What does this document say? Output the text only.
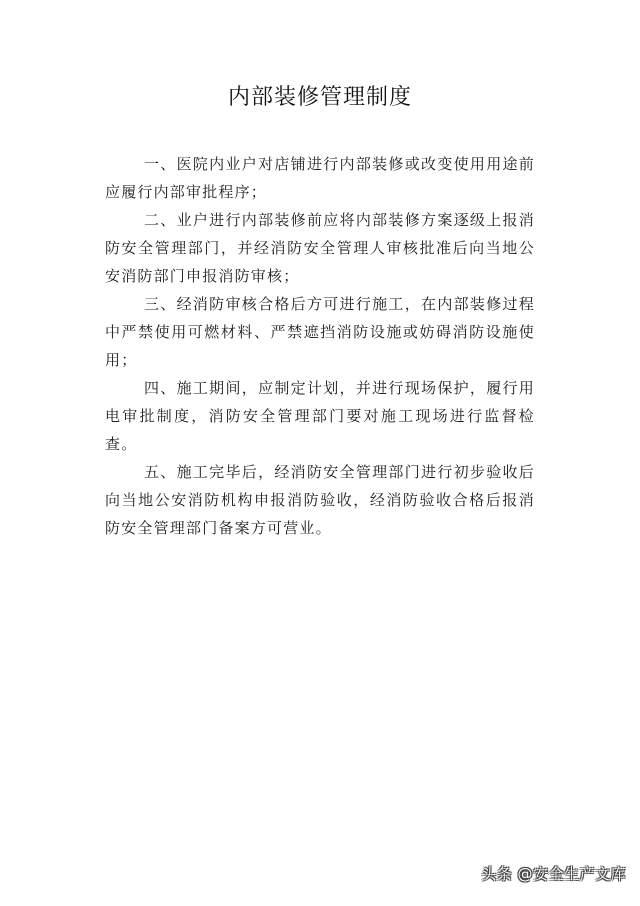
内部装修管理制度

一、医院内业户对店铺进行内部装修或改变使用用途前应履行内部审批程序；

二、业户进行内部装修前应将内部装修方案逐级上报消防安全管理部门，并经消防安全管理人审核批准后向当地公安消防部门申报消防审核；

三、经消防审核合格后方可进行施工，在内部装修过程中严禁使用可燃材料、严禁遮挡消防设施或妨碍消防设施使用；

四、施工期间，应制定计划，并进行现场保护，履行用电审批制度，消防安全管理部门要对施工现场进行监督检查。

五、施工完毕后，经消防安全管理部门进行初步验收后向当地公安消防机构申报消防验收，经消防验收合格后报消防安全管理部门备案方可营业。

头条 @安全生产文库
